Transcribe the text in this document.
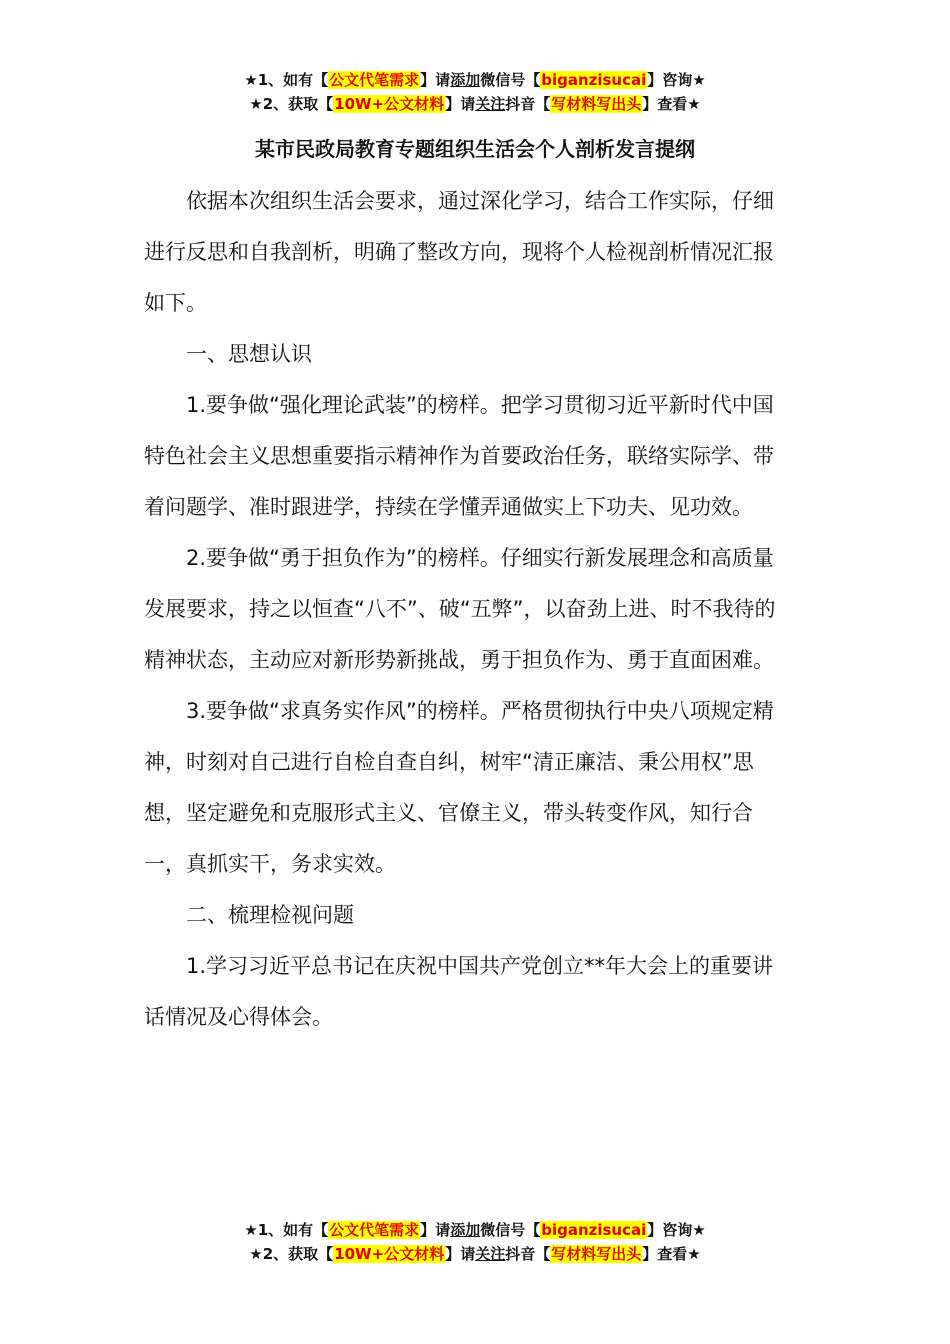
★1、如有【公文代笔需求】请添加微信号【biganzisucai】咨询★
★2、获取【10W+公文材料】请关注抖音【写材料写出头】查看★
某市民政局教育专题组织生活会个人剖析发言提纲

依据本次组织生活会要求，通过深化学习，结合工作实际，仔细进行反思和自我剖析，明确了整改方向，现将个人检视剖析情况汇报如下。

一、思想认识

1.要争做“强化理论武装”的榜样。把学习贯彻习近平新时代中国特色社会主义思想重要指示精神作为首要政治任务，联络实际学、带着问题学、准时跟进学，持续在学懂弄通做实上下功夫、见功效。

2.要争做“勇于担负作为”的榜样。仔细实行新发展理念和高质量发展要求，持之以恒查“八不”、破“五弊”，以奋劲上进、时不我待的精神状态，主动应对新形势新挑战，勇于担负作为、勇于直面困难。

3.要争做“求真务实作风”的榜样。严格贯彻执行中央八项规定精神，时刻对自己进行自检自查自纠，树牢“清正廉洁、秉公用权”思想，坚定避免和克服形式主义、官僚主义，带头转变作风，知行合一，真抓实干，务求实效。

二、梳理检视问题

1.学习习近平总书记在庆祝中国共产党创立**年大会上的重要讲话情况及心得体会。

★1、如有【公文代笔需求】请添加微信号【biganzisucai】咨询★
★2、获取【10W+公文材料】请关注抖音【写材料写出头】查看★
